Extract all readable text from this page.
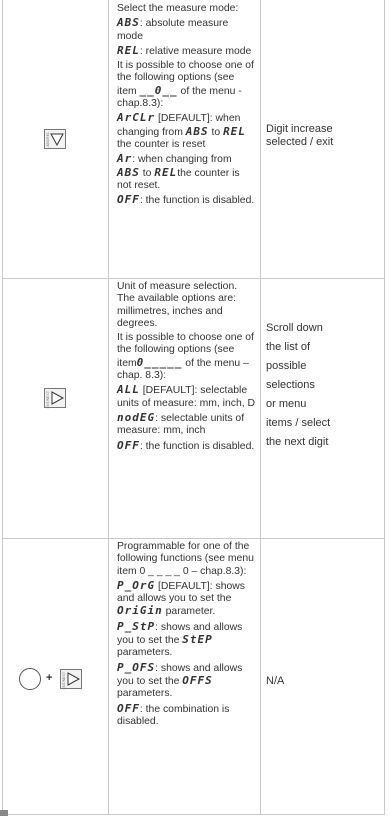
ABS/REL
Select the measure mode:
ABS: absolute measure mode
REL: relative measure mode
It is possible to choose one of the following options (see item __0__ of the menu - chap.8.3):
ArCLr [DEFAULT]: when changing from ABS to REL the counter is reset
Ar: when changing from ABS to RELthe counter is not reset.
OFF: the function is disabled.
Digit increase selected / exit
ENT/NEXT
Unit of measure selection. The available options are: millimetres, inches and degrees.
It is possible to choose one of the following options (see item0_____ of the menu – chap. 8.3):
ALL [DEFAULT]: selectable units of measure: mm, inch, D
nodEG: selectable units of measure: mm, inch
OFF: the function is disabled.
Scroll down
the list of
possible
selections
or menu
items / select
the next digit
+	ENT/NEXT
Programmable for one of the following functions (see menu item 0 _ _ _ _ 0 – chap.8.3):
P_OrG [DEFAULT]: shows and allows you to set the OriGin parameter.
P_StP: shows and allows you to set the StEP parameters.
P_OFS: shows and allows you to set the OFFS parameters.
OFF: the combination is disabled.
N/A
